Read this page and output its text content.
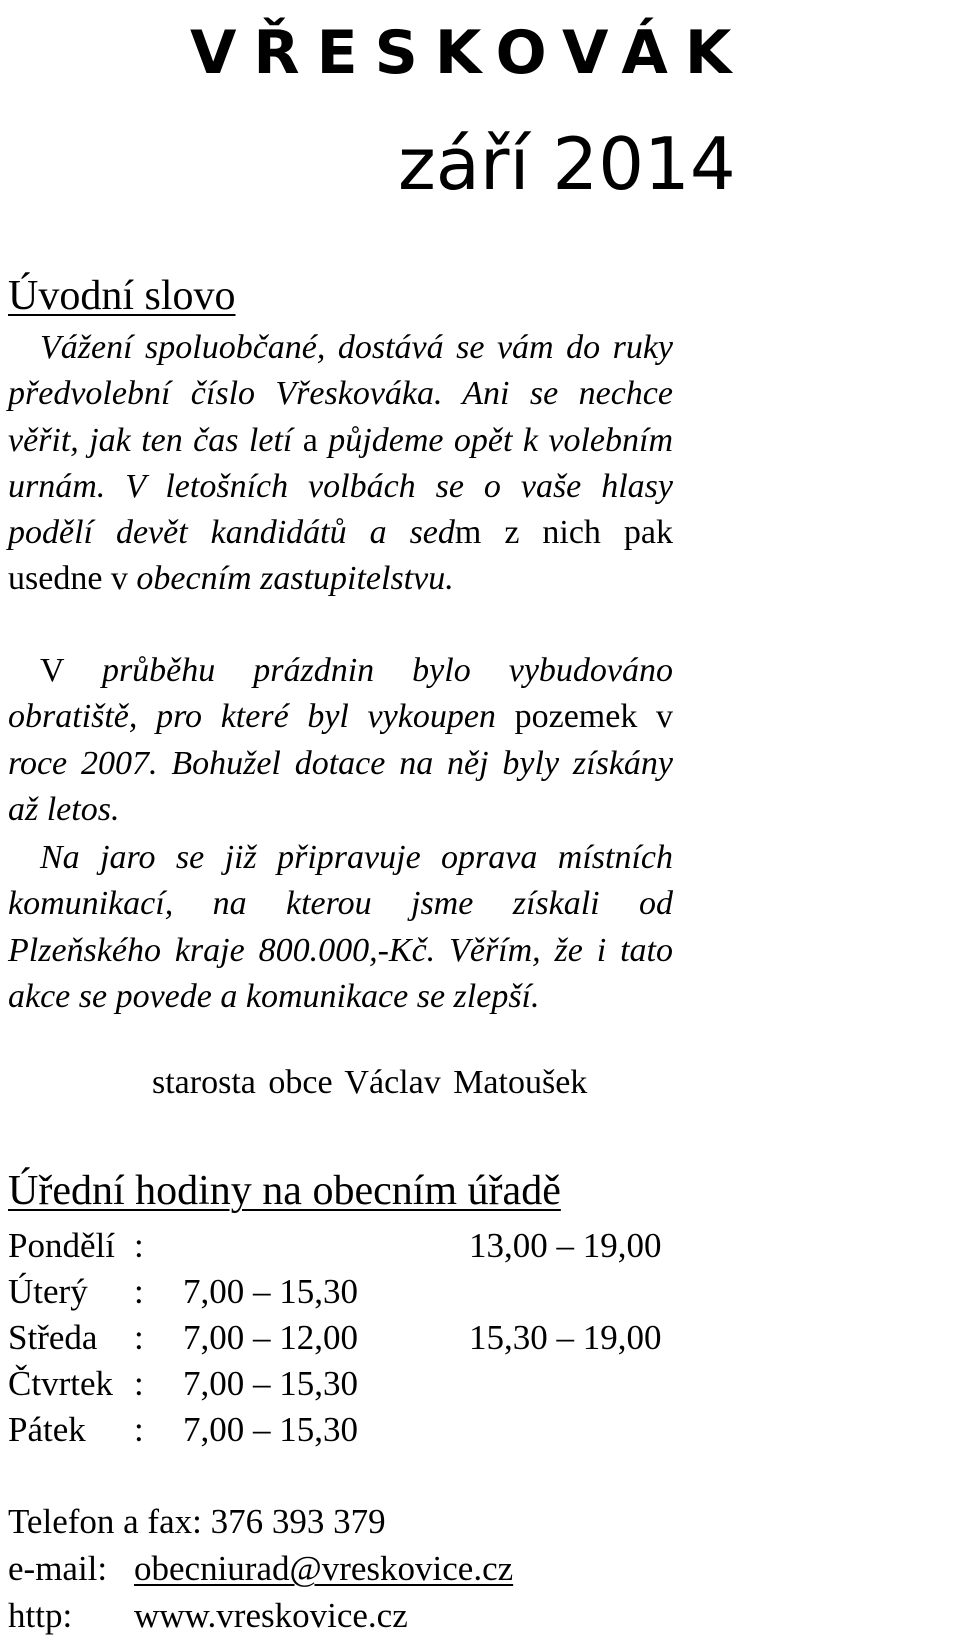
VŘESKOVÁK
září 2014
Úvodní slovo

Vážení spoluobčané, dostává se vám do ruky předvolební číslo Vřeskováka. Ani se nechce věřit, jak ten čas letí a půjdeme opět k volebním urnám. V letošních volbách se o vaše hlasy podělí devět kandidátů a sedm z nich pak usedne v obecním zastupitelstvu.

V průběhu prázdnin bylo vybudováno obratiště, pro které byl vykoupen pozemek v roce 2007. Bohužel dotace na něj byly získány až letos.

Na jaro se již připravuje oprava místních komunikací, na kterou jsme získali od Plzeňského kraje 800.000,-Kč. Věřím, že i tato akce se povede a komunikace se zlepší.

starosta obce Václav Matoušek
Úřední hodiny na obecním úřadě
Pondělí :	13,00 – 19,00
Úterý : 7,00 – 15,30
Středa : 7,00 – 12,00	15,30 – 19,00
Čtvrtek : 7,00 – 15,30
Pátek : 7,00 – 15,30
Telefon a fax: 376 393 379
e-mail: obecniurad@vreskovice.cz
http: www.vreskovice.cz
